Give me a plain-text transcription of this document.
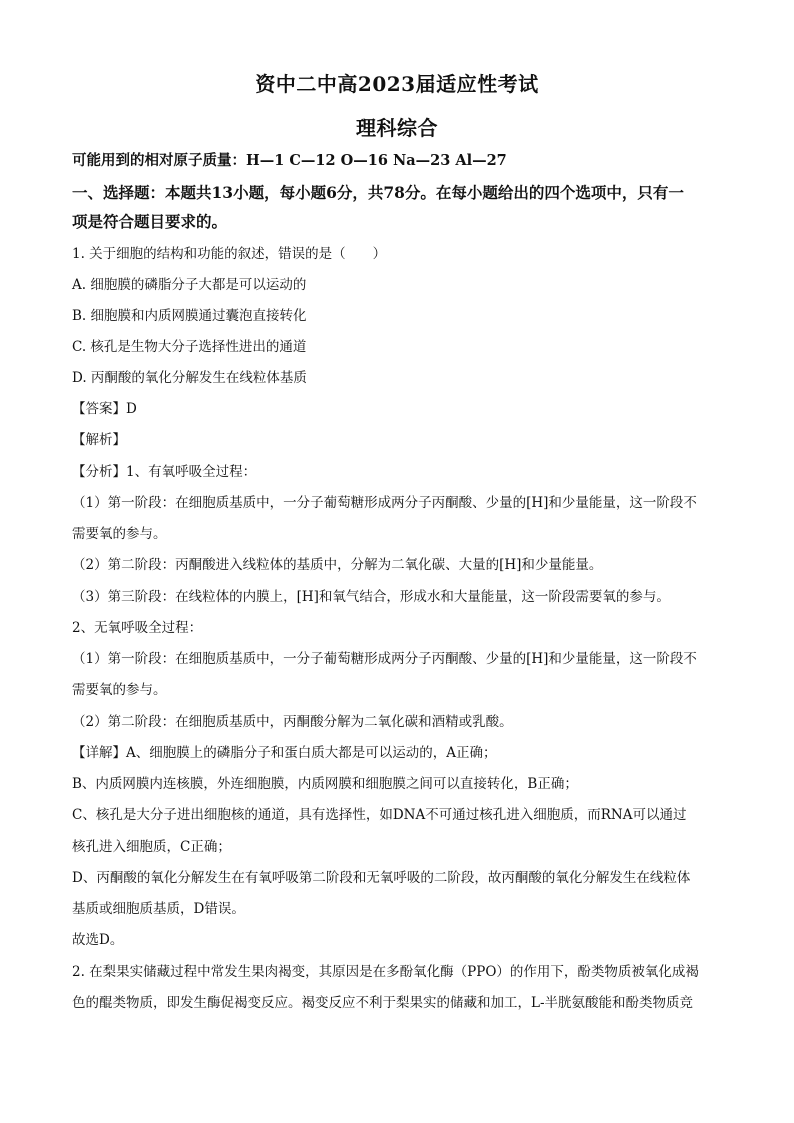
资中二中高2023届适应性考试
理科综合
可能用到的相对原子质量：H—1 C—12 O—16 Na—23 Al—27
一、选择题：本题共13小题，每小题6分，共78分。在每小题给出的四个选项中，只有一
项是符合题目要求的。
1. 关于细胞的结构和功能的叙述，错误的是（　　）
A. 细胞膜的磷脂分子大都是可以运动的
B. 细胞膜和内质网膜通过囊泡直接转化
C. 核孔是生物大分子选择性进出的通道
D. 丙酮酸的氧化分解发生在线粒体基质
【答案】D
【解析】
【分析】1、有氧呼吸全过程：
（1）第一阶段：在细胞质基质中，一分子葡萄糖形成两分子丙酮酸、少量的[H]和少量能量，这一阶段不
需要氧的参与。
（2）第二阶段：丙酮酸进入线粒体的基质中，分解为二氧化碳、大量的[H]和少量能量。
（3）第三阶段：在线粒体的内膜上，[H]和氧气结合，形成水和大量能量，这一阶段需要氧的参与。
2、无氧呼吸全过程：
（1）第一阶段：在细胞质基质中，一分子葡萄糖形成两分子丙酮酸、少量的[H]和少量能量，这一阶段不
需要氧的参与。
（2）第二阶段：在细胞质基质中，丙酮酸分解为二氧化碳和酒精或乳酸。
【详解】A、细胞膜上的磷脂分子和蛋白质大都是可以运动的，A正确；
B、内质网膜内连核膜，外连细胞膜，内质网膜和细胞膜之间可以直接转化，B正确；
C、核孔是大分子进出细胞核的通道，具有选择性，如DNA不可通过核孔进入细胞质，而RNA可以通过
核孔进入细胞质，C正确；
D、丙酮酸的氧化分解发生在有氧呼吸第二阶段和无氧呼吸的二阶段，故丙酮酸的氧化分解发生在线粒体
基质或细胞质基质，D错误。
故选D。
2. 在梨果实储藏过程中常发生果肉褐变，其原因是在多酚氧化酶（PPO）的作用下，酚类物质被氧化成褐
色的醌类物质，即发生酶促褐变反应。褐变反应不利于梨果实的储藏和加工，L-半胱氨酸能和酚类物质竞
